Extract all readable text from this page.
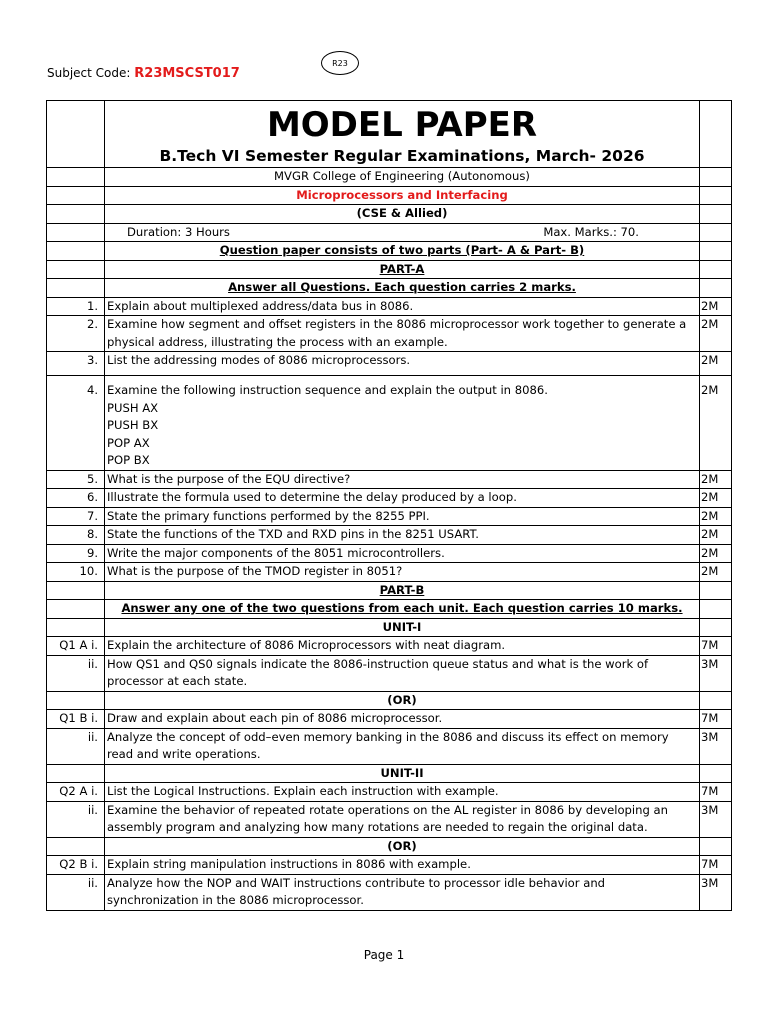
Subject Code: R23MSCST017
R23

	MODEL PAPER
B.Tech VI Semester Regular Examinations, March- 2026	

	MVGR College of Engineering (Autonomous)	
	Microprocessors and Interfacing	
	(CSE & Allied)	

	Duration: 3 Hours Max. Marks.: 70.	

	Question paper consists of two parts (Part- A & Part- B)	
	PART-A	
	Answer all Questions. Each question carries 2 marks.	
1.	Explain about multiplexed address/data bus in 8086.	2M
2.	Examine how segment and offset registers in the 8086 microprocessor work together to generate a physical address, illustrating the process with an example.	2M
3.	List the addressing modes of 8086 microprocessors.	2M
4.	Examine the following instruction sequence and explain the output in 8086.
PUSH AX
PUSH BX
POP AX
POP BX	2M
5.	What is the purpose of the EQU directive?	2M
6.	Illustrate the formula used to determine the delay produced by a loop.	2M
7.	State the primary functions performed by the 8255 PPI.	2M
8.	State the functions of the TXD and RXD pins in the 8251 USART.	2M
9.	Write the major components of the 8051 microcontrollers.	2M
10.	What is the purpose of the TMOD register in 8051?	2M
	PART-B	
	Answer any one of the two questions from each unit. Each question carries 10 marks.	
	UNIT-I	
Q1 A i.	Explain the architecture of 8086 Microprocessors with neat diagram.	7M
ii.	How QS1 and QS0 signals indicate the 8086-instruction queue status and what is the work of processor at each state.	3M
	(OR)	
Q1 B i.	Draw and explain about each pin of 8086 microprocessor.	7M
ii.	Analyze the concept of odd–even memory banking in the 8086 and discuss its effect on memory read and write operations.	3M
	UNIT-II	
Q2 A i.	List the Logical Instructions. Explain each instruction with example.	7M
ii.	Examine the behavior of repeated rotate operations on the AL register in 8086 by developing an assembly program and analyzing how many rotations are needed to regain the original data.	3M
	(OR)	
Q2 B i.	Explain string manipulation instructions in 8086 with example.	7M
ii.	Analyze how the NOP and WAIT instructions contribute to processor idle behavior and synchronization in the 8086 microprocessor.	3M
Page 1
